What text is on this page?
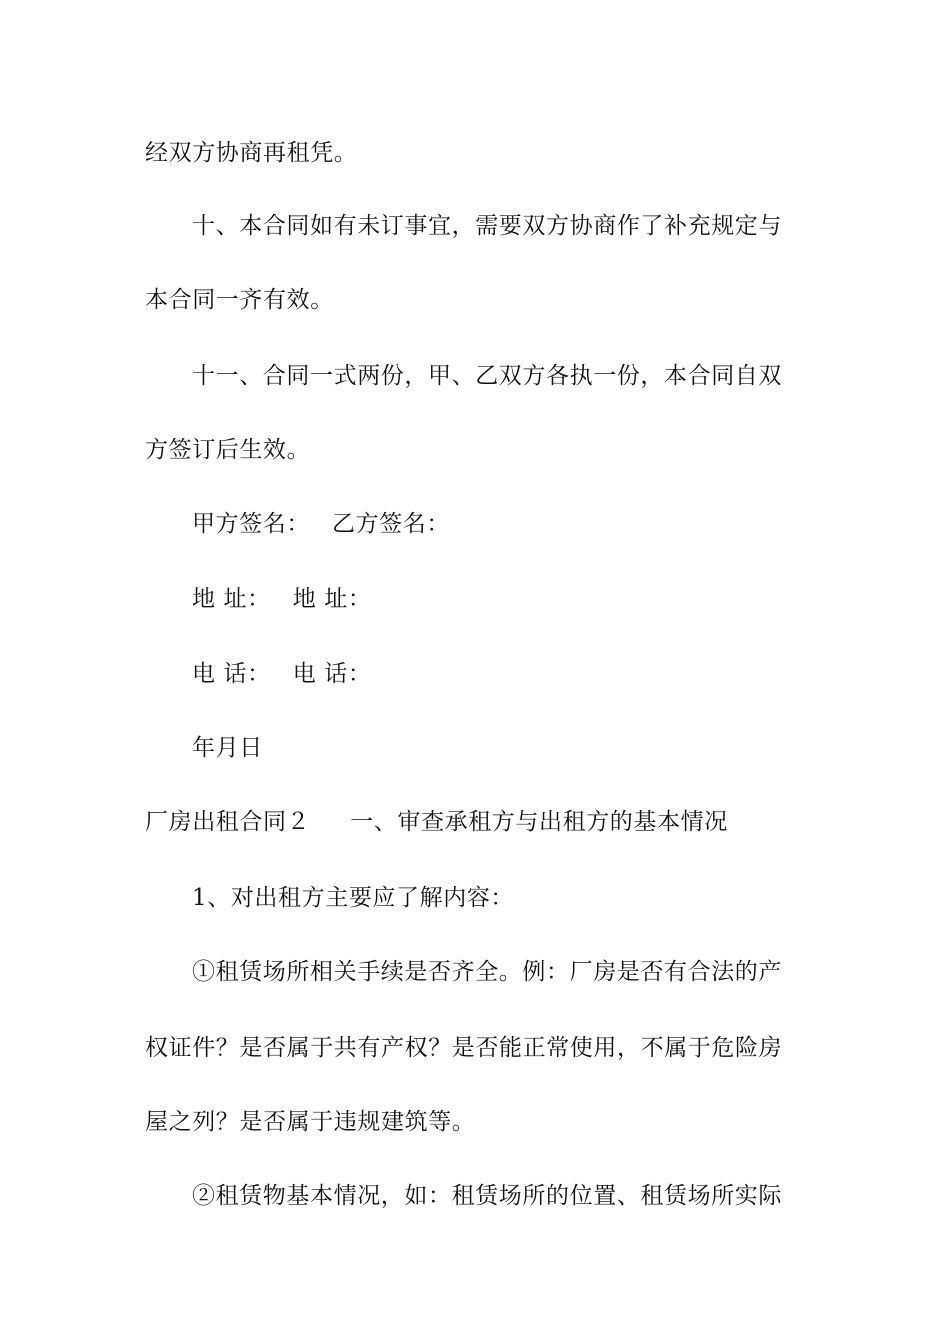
经双方协商再租凭。
十、本合同如有未订事宜，需要双方协商作了补充规定与
本合同一齐有效。
十一、合同一式两份，甲、乙双方各执一份，本合同自双
方签订后生效。
甲方签名： 乙方签名：
地 址： 地 址：
电 话： 电 话：
年月日
厂房出租合同２ 一、审查承租方与出租方的基本情况
1、对出租方主要应了解内容：
①租赁场所相关手续是否齐全。例：厂房是否有合法的产
权证件？是否属于共有产权？是否能正常使用，不属于危险房
屋之列？是否属于违规建筑等。
②租赁物基本情况，如：租赁场所的位置、租赁场所实际
